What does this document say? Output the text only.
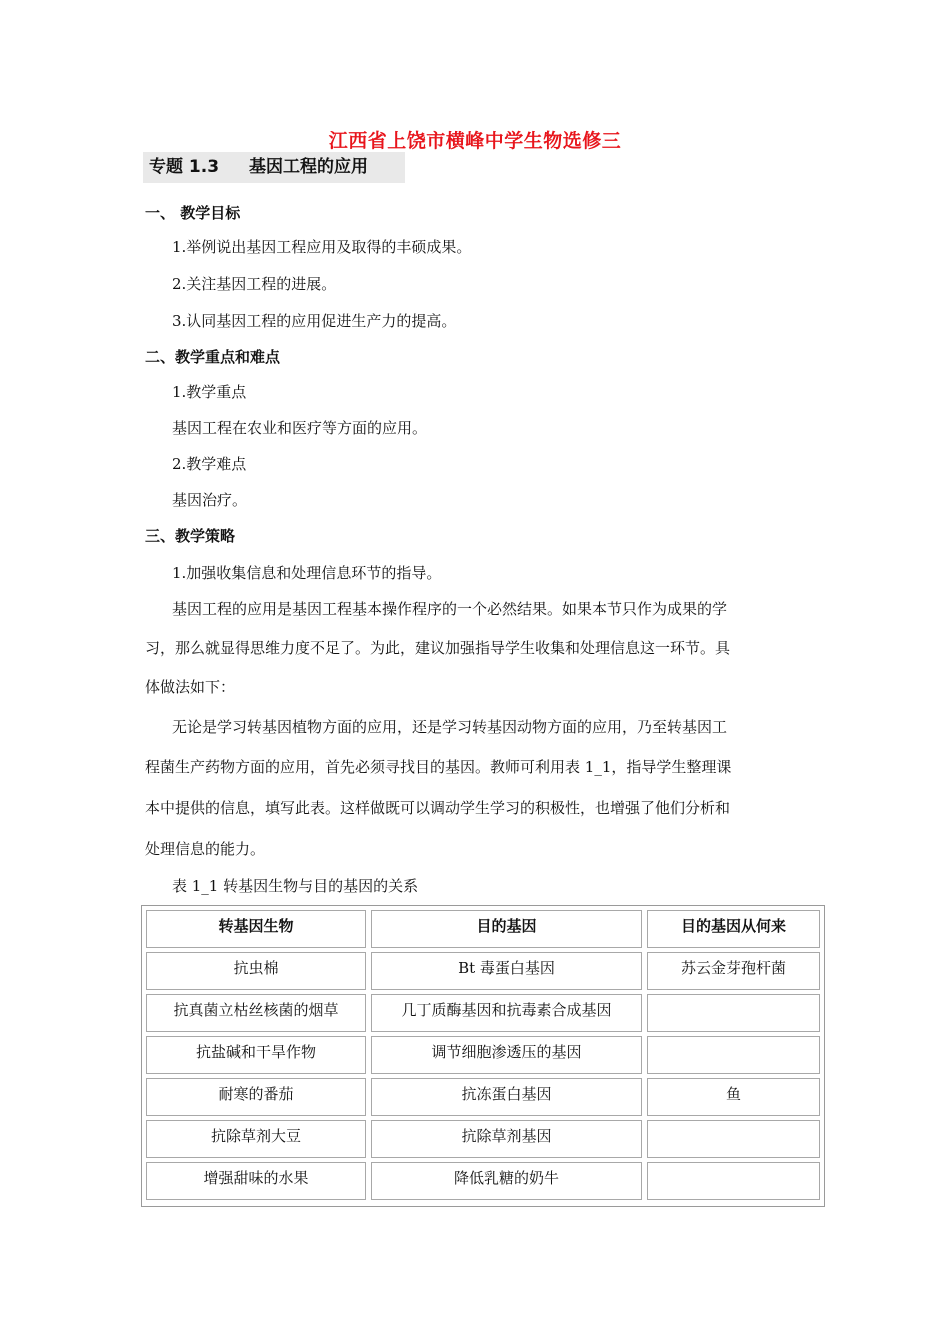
江西省上饶市横峰中学生物选修三
专题 1.3 基因工程的应用
一、 教学目标
1.举例说出基因工程应用及取得的丰硕成果。
2.关注基因工程的进展。
3.认同基因工程的应用促进生产力的提高。
二、教学重点和难点
1.教学重点
基因工程在农业和医疗等方面的应用。
2.教学难点
基因治疗。
三、教学策略
1.加强收集信息和处理信息环节的指导。
基因工程的应用是基因工程基本操作程序的一个必然结果。如果本节只作为成果的学
习，那么就显得思维力度不足了。为此，建议加强指导学生收集和处理信息这一环节。具
体做法如下：
无论是学习转基因植物方面的应用，还是学习转基因动物方面的应用，乃至转基因工
程菌生产药物方面的应用，首先必须寻找目的基因。教师可利用表 1_1，指导学生整理课
本中提供的信息，填写此表。这样做既可以调动学生学习的积极性，也增强了他们分析和
处理信息的能力。
表 1_1 转基因生物与目的基因的关系
转基因生物	目的基因	目的基因从何来
抗虫棉	Bt 毒蛋白基因	苏云金芽孢杆菌
抗真菌立枯丝核菌的烟草	几丁质酶基因和抗毒素合成基因
抗盐碱和干旱作物	调节细胞渗透压的基因
耐寒的番茄	抗冻蛋白基因	鱼
抗除草剂大豆	抗除草剂基因
增强甜味的水果	降低乳糖的奶牛
